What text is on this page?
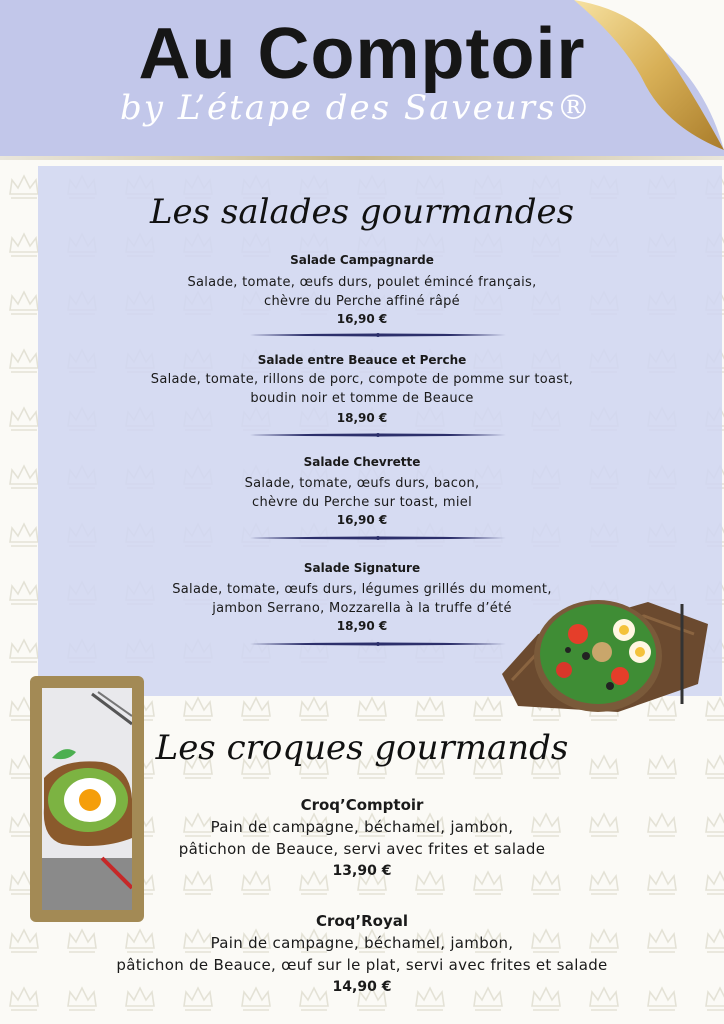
Au Comptoir
by L’étape des Saveurs®
Les salades gourmandes
Salade Campagnarde
Salade, tomate, œufs durs, poulet émincé français,
chèvre du Perche affiné râpé
16,90 €
Salade entre Beauce et Perche
Salade, tomate, rillons de porc, compote de pomme sur toast,
boudin noir et tomme de Beauce
18,90 €
Salade Chevrette
Salade, tomate, œufs durs, bacon,
chèvre du Perche sur toast, miel
16,90 €
Salade Signature
Salade, tomate, œufs durs, légumes grillés du moment,
jambon Serrano, Mozzarella à la truffe d’été
18,90 €
Les croques gourmands
Croq’Comptoir
Pain de campagne, béchamel, jambon,
pâtichon de Beauce, servi avec frites et salade
13,90 €
Croq’Royal
Pain de campagne, béchamel, jambon,
pâtichon de Beauce, œuf sur le plat, servi avec frites et salade
14,90 €
